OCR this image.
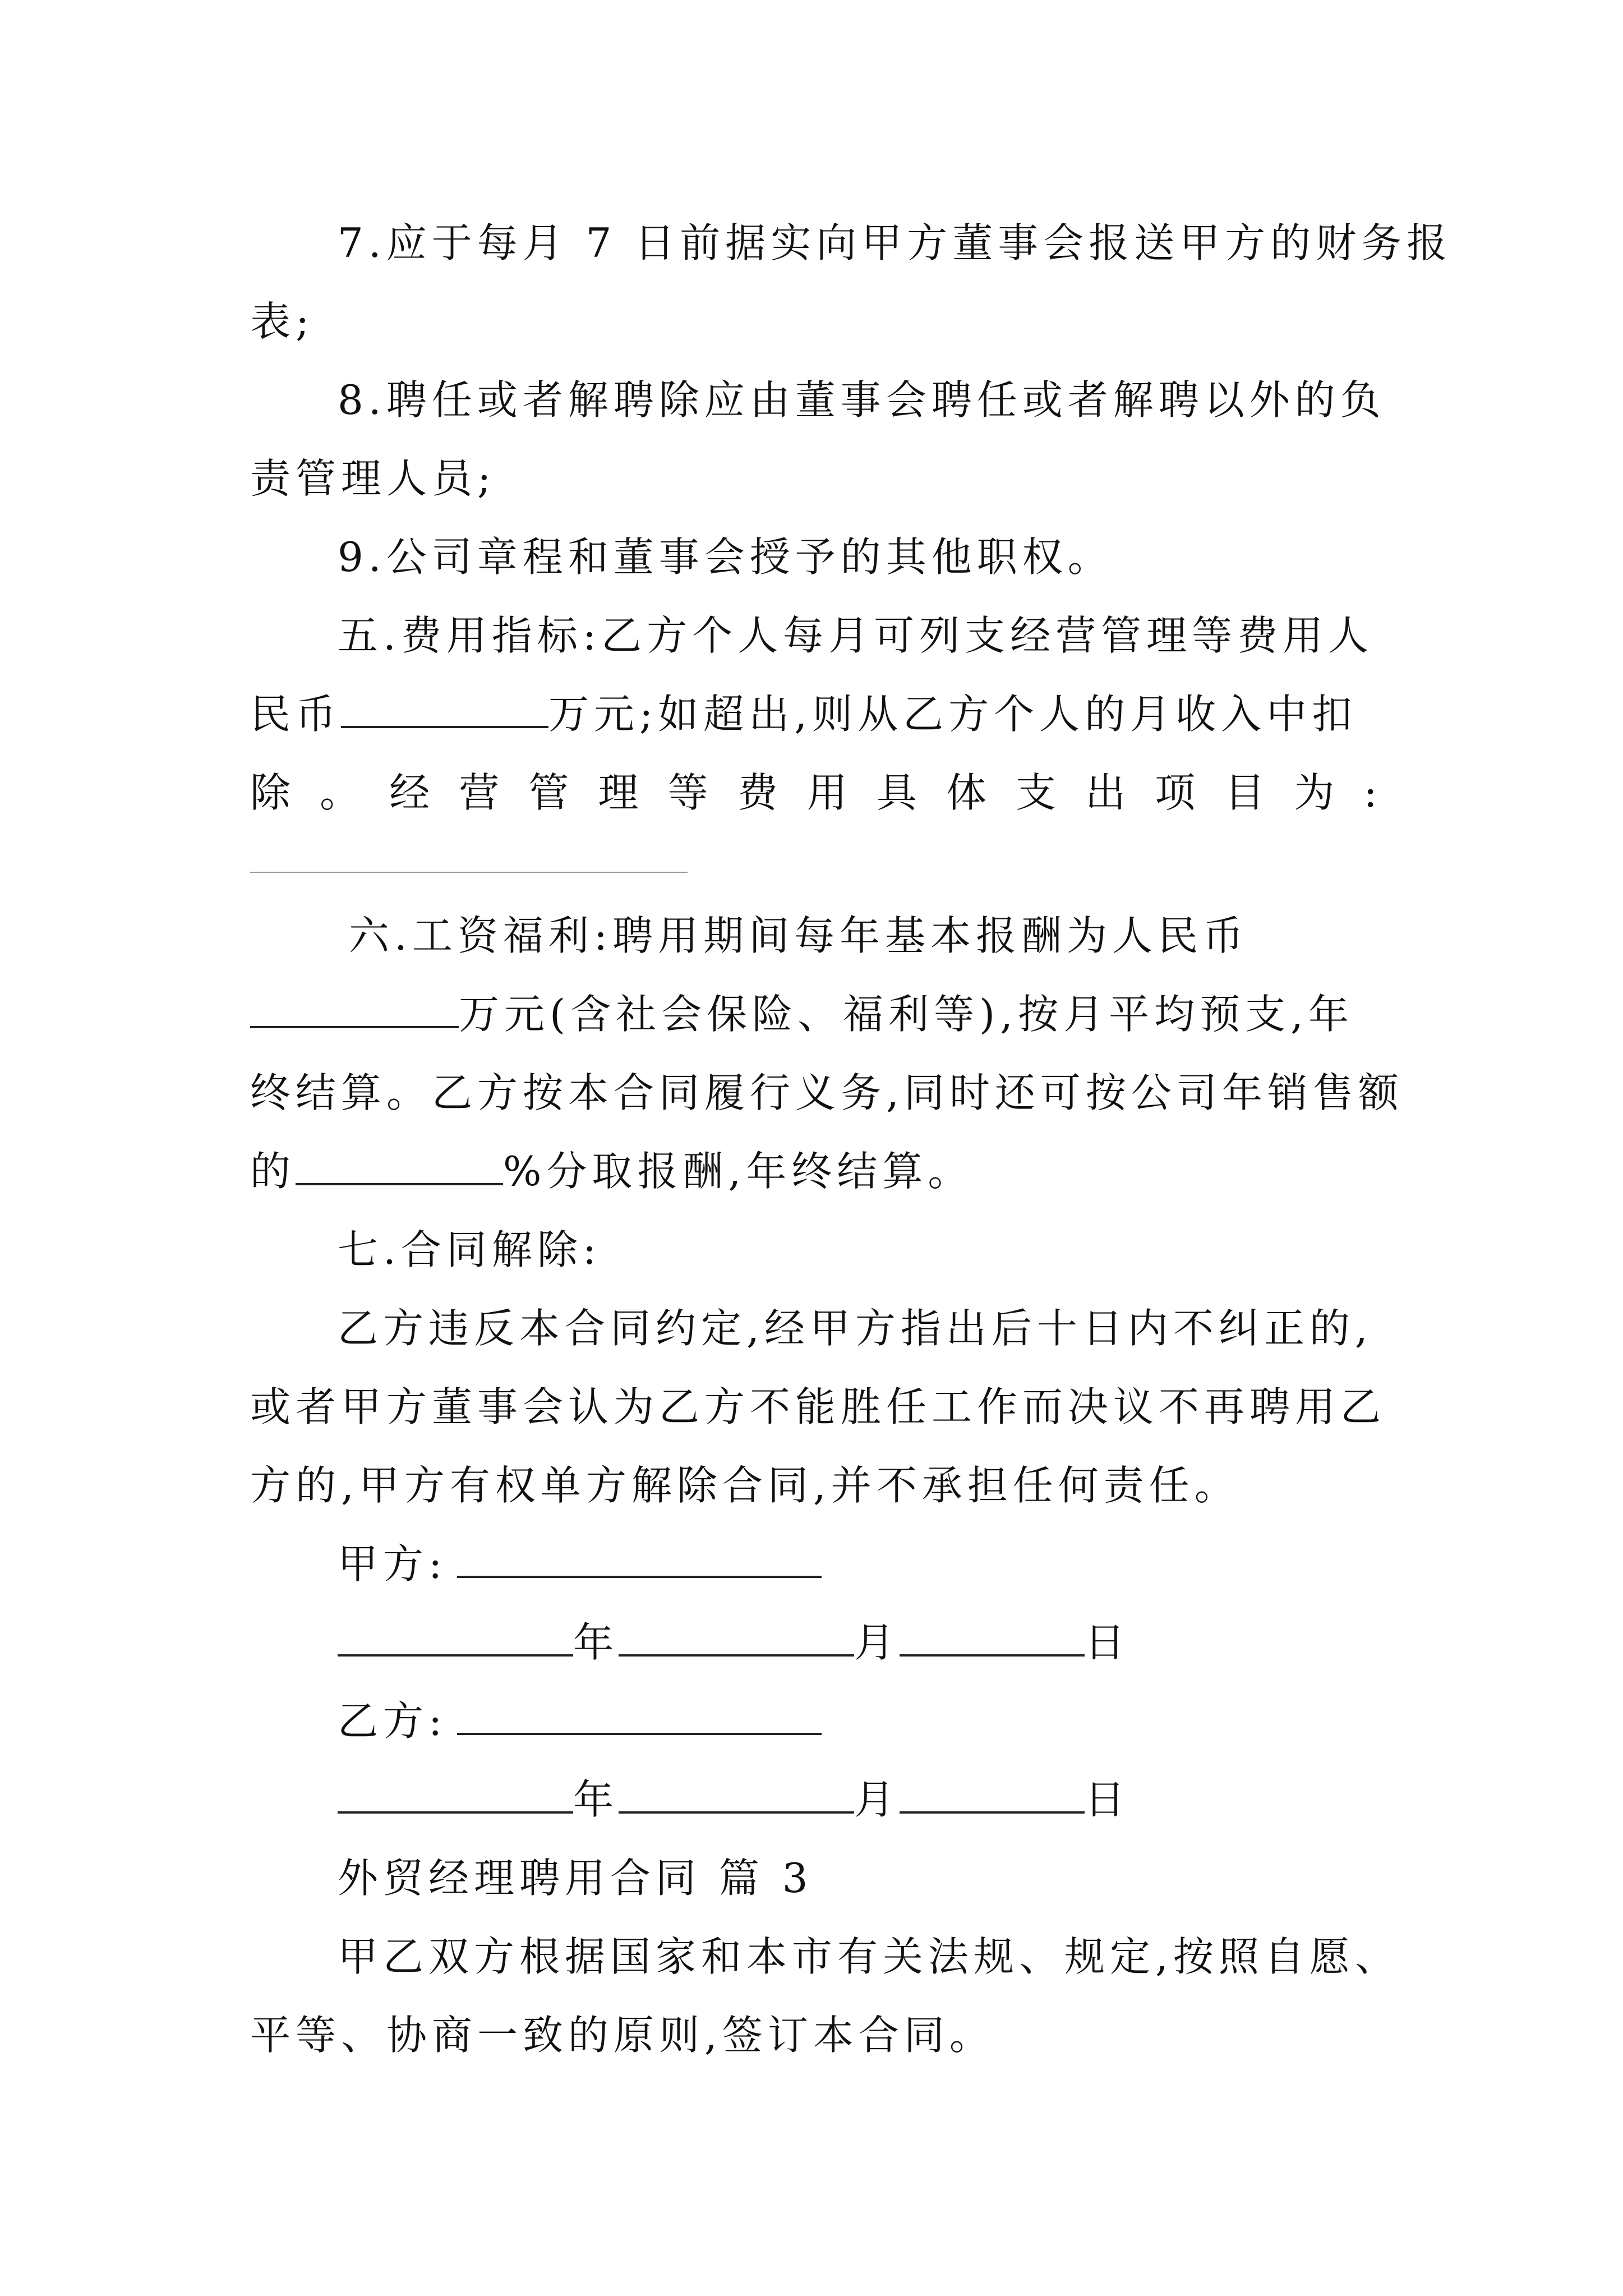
7.应于每月 7 日前据实向甲方董事会报送甲方的财务报
表;
8.聘任或者解聘除应由董事会聘任或者解聘以外的负
责管理人员;
9.公司章程和董事会授予的其他职权。
五.费用指标:乙方个人每月可列支经营管理等费用人
民币	万元;如超出,则从乙方个人的月收入中扣
除 。 经 营 管 理 等 费 用 具 体 支 出 项 目 为 :
六.工资福利:聘用期间每年基本报酬为人民币
万元(含社会保险、福利等),按月平均预支,年
终结算。乙方按本合同履行义务,同时还可按公司年销售额
的	%分取报酬,年终结算。
七.合同解除:
乙方违反本合同约定,经甲方指出后十日内不纠正的,
或者甲方董事会认为乙方不能胜任工作而决议不再聘用乙
方的,甲方有权单方解除合同,并不承担任何责任。
甲方:
年	月	日
乙方:
年	月	日
外贸经理聘用合同 篇 3
甲乙双方根据国家和本市有关法规、规定,按照自愿、
平等、协商一致的原则,签订本合同。
